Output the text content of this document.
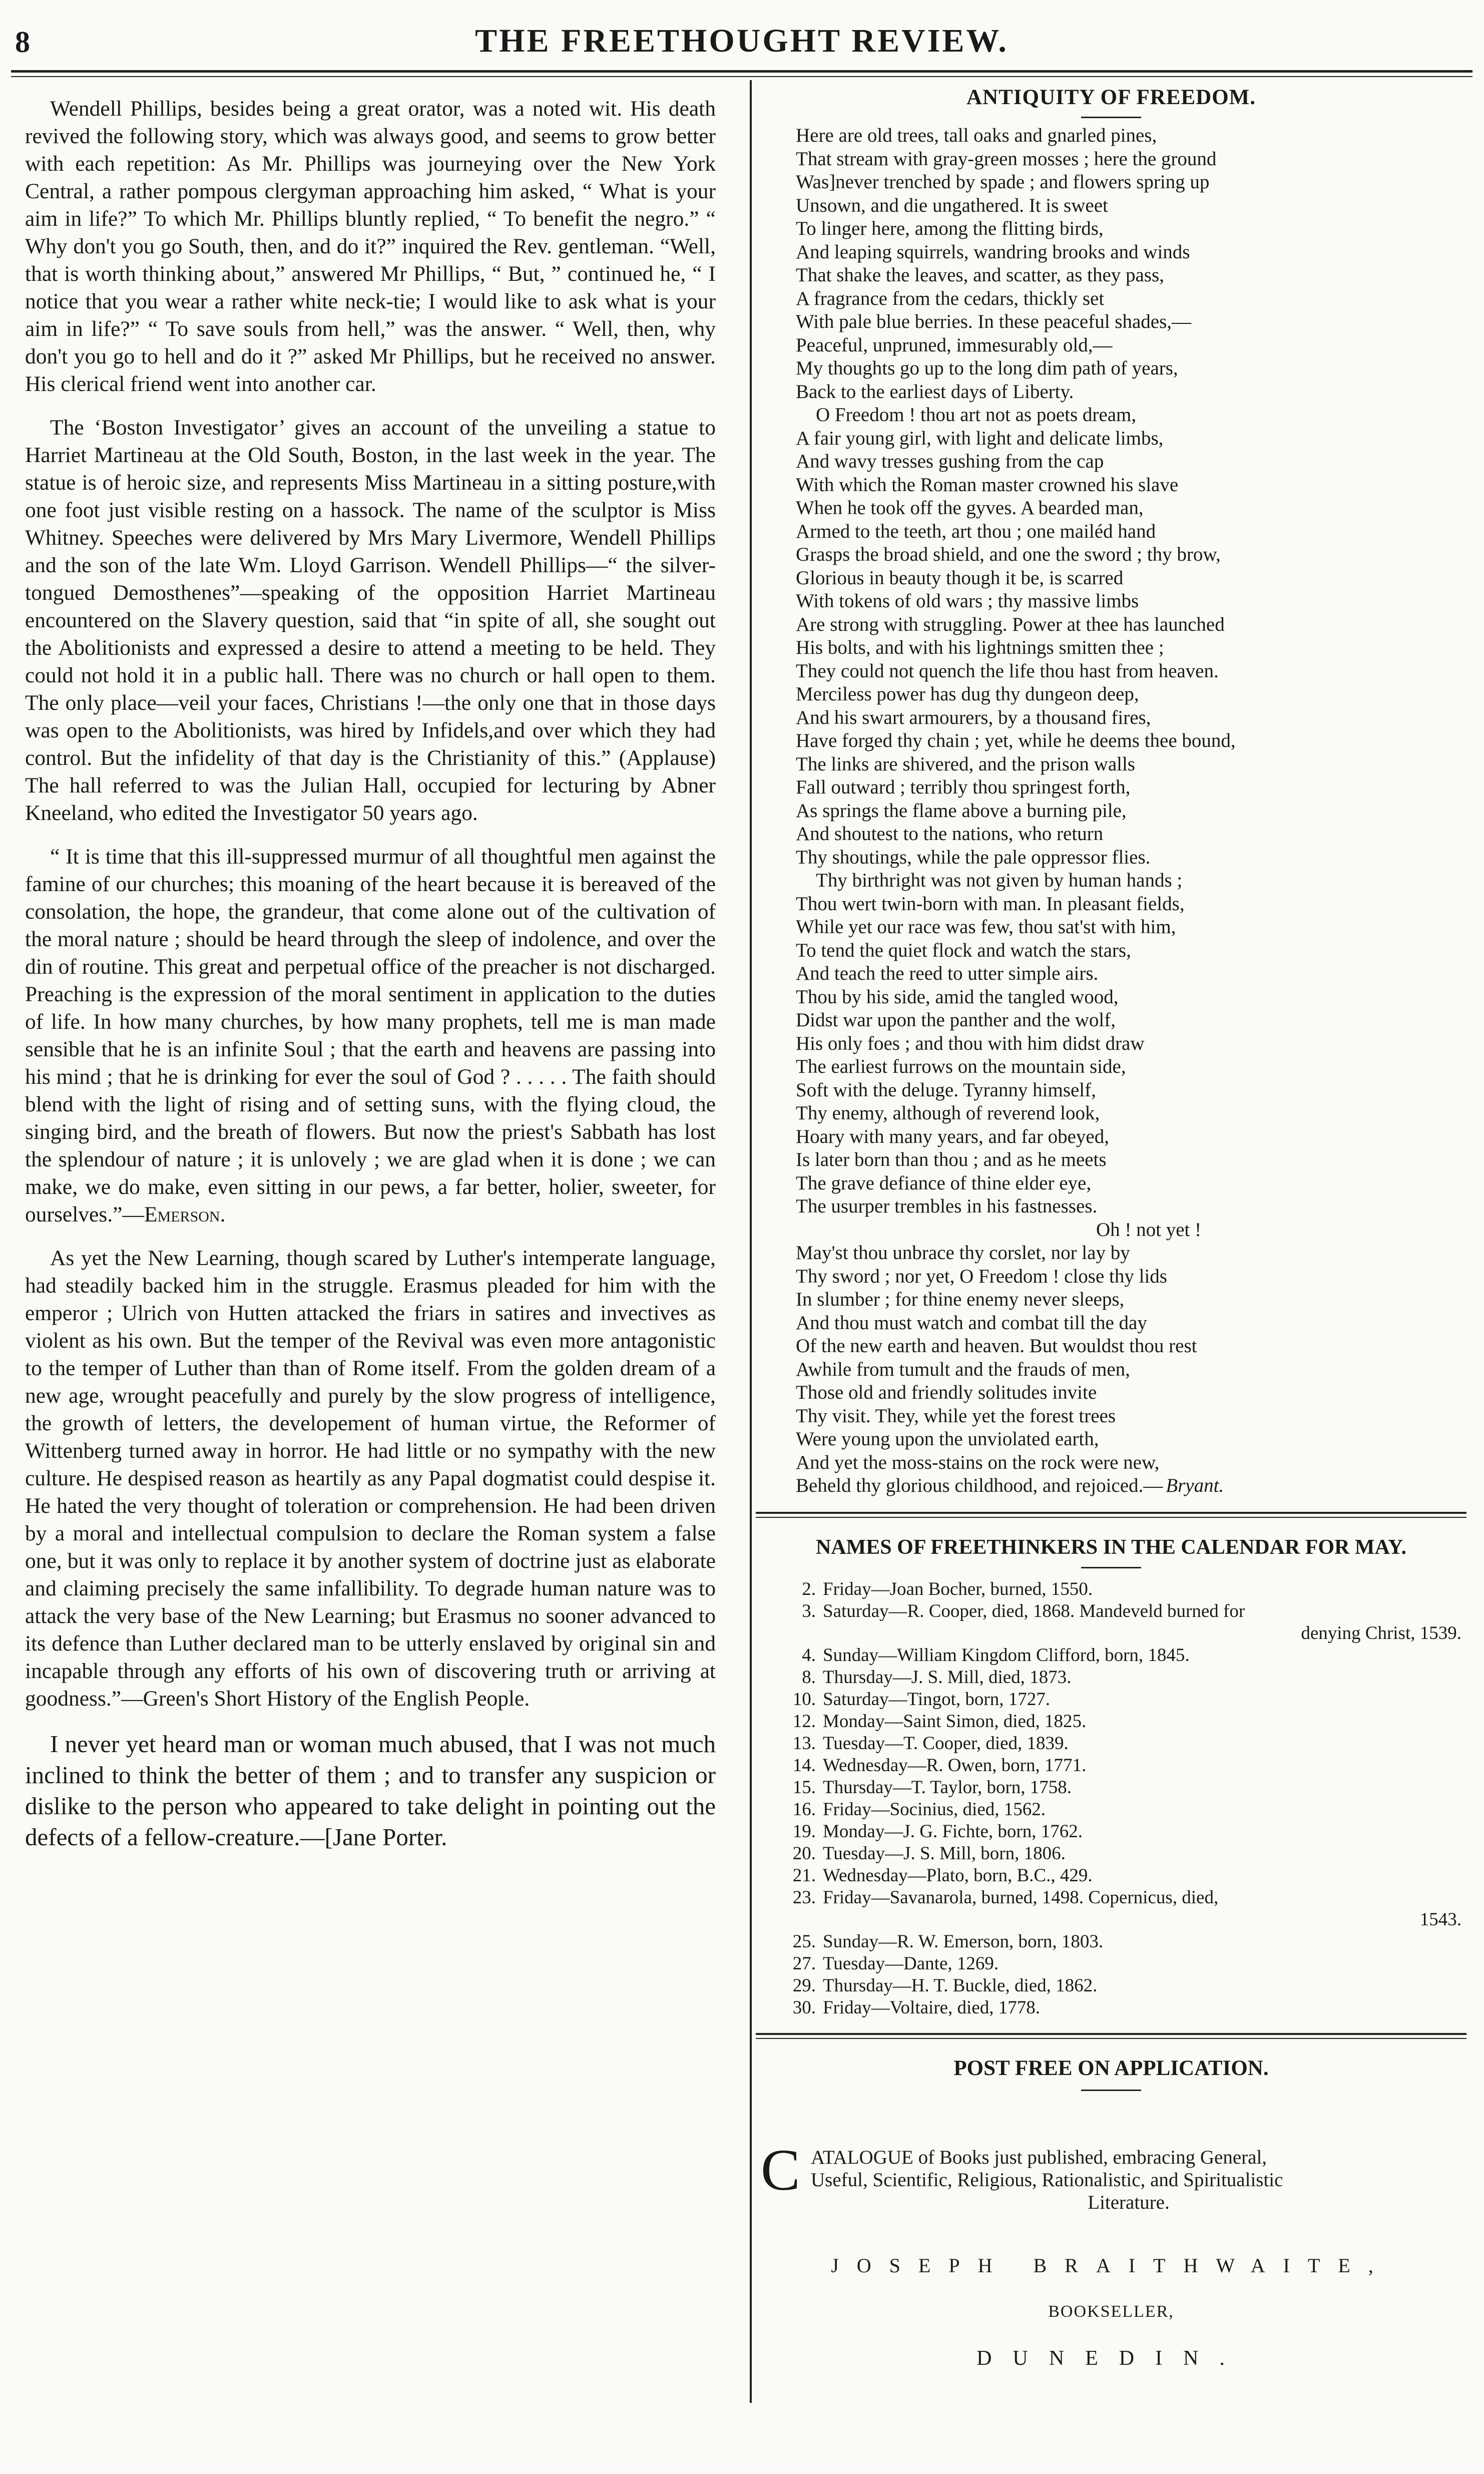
8	THE FREETHOUGHT REVIEW.

Wendell Phillips, besides being a great orator, was a noted wit. His death revived the following story, which was always good, and seems to grow better with each repetition: As Mr. Phillips was journeying over the New York Central, a rather pompous clergyman approaching him asked, “ What is your aim in life?” To which Mr. Phillips bluntly replied, “ To benefit the negro.” “ Why don't you go South, then, and do it?” inquired the Rev. gentleman. “Well, that is worth thinking about,” answered Mr Phillips, “ But, ” continued he, “ I notice that you wear a rather white neck-tie; I would like to ask what is your aim in life?” “ To save souls from hell,” was the answer. “ Well, then, why don't you go to hell and do it ?” asked Mr Phillips, but he received no answer. His clerical friend went into another car.

The ‘Boston Investigator’ gives an account of the unveiling a statue to Harriet Martineau at the Old South, Boston, in the last week in the year. The statue is of heroic size, and represents Miss Martineau in a sitting posture,with one foot just visible resting on a hassock. The name of the sculptor is Miss Whitney. Speeches were delivered by Mrs Mary Livermore, Wendell Phillips and the son of the late Wm. Lloyd Garrison. Wendell Phillips—“ the silver-tongued Demosthenes”—speaking of the opposition Harriet Martineau encountered on the Slavery question, said that “in spite of all, she sought out the Abolitionists and expressed a desire to attend a meeting to be held. They could not hold it in a public hall. There was no church or hall open to them. The only place—veil your faces, Christians !—the only one that in those days was open to the Abolitionists, was hired by Infidels,and over which they had control. But the infidelity of that day is the Christianity of this.” (Applause) The hall referred to was the Julian Hall, occupied for lecturing by Abner Kneeland, who edited the Investigator 50 years ago.

“ It is time that this ill-suppressed murmur of all thoughtful men against the famine of our churches; this moaning of the heart because it is bereaved of the consolation, the hope, the grandeur, that come alone out of the cultivation of the moral nature ; should be heard through the sleep of indolence, and over the din of routine. This great and perpetual office of the preacher is not discharged. Preaching is the expression of the moral sentiment in application to the duties of life. In how many churches, by how many prophets, tell me is man made sensible that he is an infinite Soul ; that the earth and heavens are passing into his mind ; that he is drinking for ever the soul of God ? . . . . . The faith should blend with the light of rising and of setting suns, with the flying cloud, the singing bird, and the breath of flowers. But now the priest's Sabbath has lost the splendour of nature ; it is unlovely ; we are glad when it is done ; we can make, we do make, even sitting in our pews, a far better, holier, sweeter, for ourselves.”—Emerson.

As yet the New Learning, though scared by Luther's intemperate language, had steadily backed him in the struggle. Erasmus pleaded for him with the emperor ; Ulrich von Hutten attacked the friars in satires and invectives as violent as his own. But the temper of the Revival was even more antagonistic to the temper of Luther than than of Rome itself. From the golden dream of a new age, wrought peacefully and purely by the slow progress of intelligence, the growth of letters, the developement of human virtue, the Reformer of Wittenberg turned away in horror. He had little or no sympathy with the new culture. He despised reason as heartily as any Papal dogmatist could despise it. He hated the very thought of toleration or comprehension. He had been driven by a moral and intellectual compulsion to declare the Roman system a false one, but it was only to replace it by another system of doctrine just as elaborate and claiming precisely the same infallibility. To degrade human nature was to attack the very base of the New Learning; but Erasmus no sooner advanced to its defence than Luther declared man to be utterly enslaved by original sin and incapable through any efforts of his own of discovering truth or arriving at goodness.”—Green's Short History of the English People.

I never yet heard man or woman much abused, that I was not much inclined to think the better of them ; and to transfer any suspicion or dislike to the person who appeared to take delight in pointing out the defects of a fellow-creature.—[Jane Porter.

ANTIQUITY OF FREEDOM.
Here are old trees, tall oaks and gnarled pines,
That stream with gray-green mosses ; here the ground
Was]never trenched by spade ; and flowers spring up
Unsown, and die ungathered. It is sweet
To linger here, among the flitting birds,
And leaping squirrels, wandring brooks and winds
That shake the leaves, and scatter, as they pass,
A fragrance from the cedars, thickly set
With pale blue berries. In these peaceful shades,—
Peaceful, unpruned, immesurably old,—
My thoughts go up to the long dim path of years,
Back to the earliest days of Liberty.
O Freedom ! thou art not as poets dream,
A fair young girl, with light and delicate limbs,
And wavy tresses gushing from the cap
With which the Roman master crowned his slave
When he took off the gyves. A bearded man,
Armed to the teeth, art thou ; one mailéd hand
Grasps the broad shield, and one the sword ; thy brow,
Glorious in beauty though it be, is scarred
With tokens of old wars ; thy massive limbs
Are strong with struggling. Power at thee has launched
His bolts, and with his lightnings smitten thee ;
They could not quench the life thou hast from heaven.
Merciless power has dug thy dungeon deep,
And his swart armourers, by a thousand fires,
Have forged thy chain ; yet, while he deems thee bound,
The links are shivered, and the prison walls
Fall outward ; terribly thou springest forth,
As springs the flame above a burning pile,
And shoutest to the nations, who return
Thy shoutings, while the pale oppressor flies.
Thy birthright was not given by human hands ;
Thou wert twin-born with man. In pleasant fields,
While yet our race was few, thou sat'st with him,
To tend the quiet flock and watch the stars,
And teach the reed to utter simple airs.
Thou by his side, amid the tangled wood,
Didst war upon the panther and the wolf,
His only foes ; and thou with him didst draw
The earliest furrows on the mountain side,
Soft with the deluge. Tyranny himself,
Thy enemy, although of reverend look,
Hoary with many years, and far obeyed,
Is later born than thou ; and as he meets
The grave defiance of thine elder eye,
The usurper trembles in his fastnesses.
Oh ! not yet !
May'st thou unbrace thy corslet, nor lay by
Thy sword ; nor yet, O Freedom ! close thy lids
In slumber ; for thine enemy never sleeps,
And thou must watch and combat till the day
Of the new earth and heaven. But wouldst thou rest
Awhile from tumult and the frauds of men,
Those old and friendly solitudes invite
Thy visit. They, while yet the forest trees
Were young upon the unviolated earth,
And yet the moss-stains on the rock were new,
Beheld thy glorious childhood, and rejoiced.— Bryant.
NAMES OF FREETHINKERS IN THE CALENDAR FOR MAY.
2. Friday—Joan Bocher, burned, 1550.
3. Saturday—R. Cooper, died, 1868. Mandeveld burned for
denying Christ, 1539.
4. Sunday—William Kingdom Clifford, born, 1845.
8. Thursday—J. S. Mill, died, 1873.
10. Saturday—Tingot, born, 1727.
12. Monday—Saint Simon, died, 1825.
13. Tuesday—T. Cooper, died, 1839.
14. Wednesday—R. Owen, born, 1771.
15. Thursday—T. Taylor, born, 1758.
16. Friday—Socinius, died, 1562.
19. Monday—J. G. Fichte, born, 1762.
20. Tuesday—J. S. Mill, born, 1806.
21. Wednesday—Plato, born, B.C., 429.
23. Friday—Savanarola, burned, 1498. Copernicus, died,
1543.
25. Sunday—R. W. Emerson, born, 1803.
27. Tuesday—Dante, 1269.
29. Thursday—H. T. Buckle, died, 1862.
30. Friday—Voltaire, died, 1778.
POST FREE ON APPLICATION.
C ATALOGUE of Books just published, embracing General,
Useful, Scientific, Religious, Rationalistic, and Spiritualistic
Literature.
JOSEPH BRAITHWAITE,
BOOKSELLER,
DUNEDIN.
